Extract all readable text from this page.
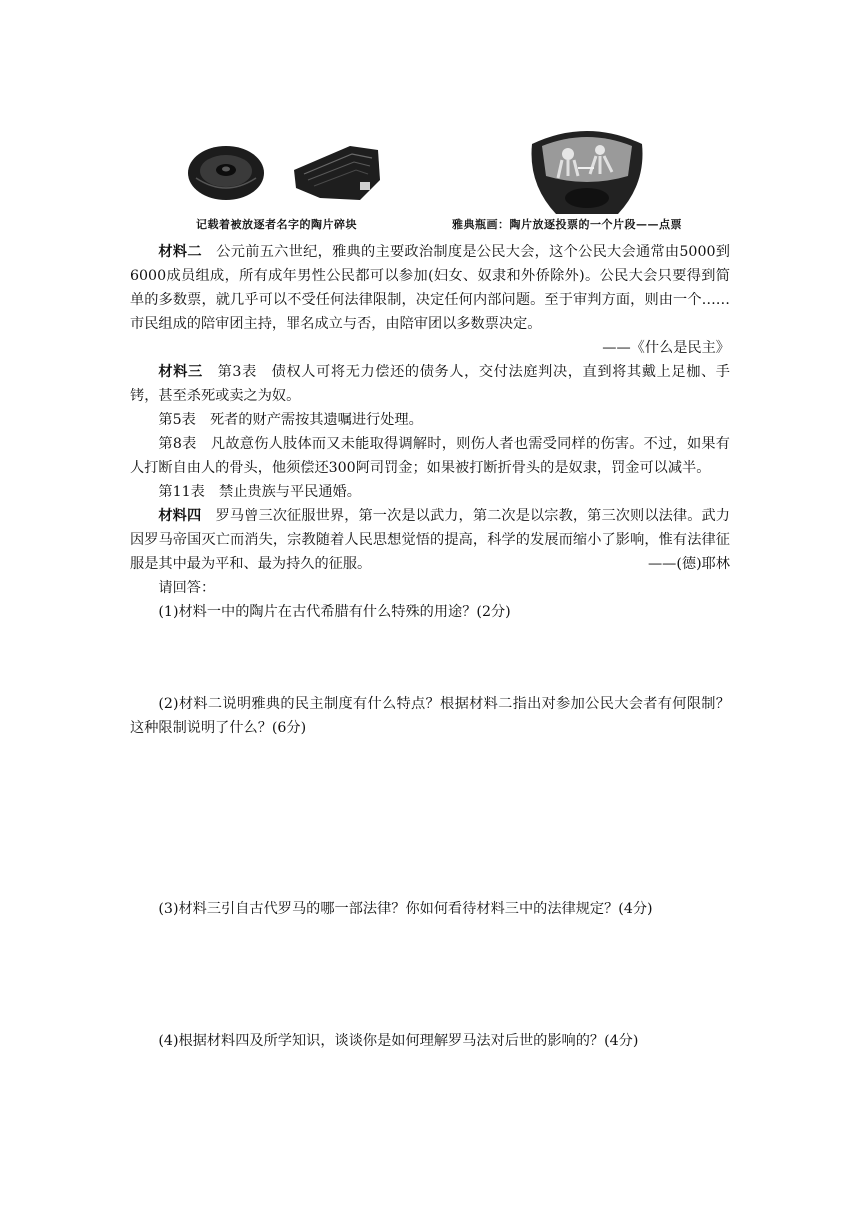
记载着被放逐者名字的陶片碎块	雅典瓶画：陶片放逐投票的一个片段——点票

材料二　 公元前五六世纪，雅典的主要政治制度是公民大会，这个公民大会通常由5000到6000成员组成，所有成年男性公民都可以参加(妇女、奴隶和外侨除外)。公民大会只要得到简单的多数票，就几乎可以不受任何法律限制，决定任何内部问题。至于审判方面，则由一个……市民组成的陪审团主持，罪名成立与否，由陪审团以多数票决定。

——《什么是民主》

材料三　 第3表　债权人可将无力偿还的债务人，交付法庭判决，直到将其戴上足枷、手铐，甚至杀死或卖之为奴。

第5表　死者的财产需按其遗嘱进行处理。

第8表　凡故意伤人肢体而又未能取得调解时，则伤人者也需受同样的伤害。不过，如果有人打断自由人的骨头，他须偿还300阿司罚金；如果被打断折骨头的是奴隶，罚金可以减半。

第11表　禁止贵族与平民通婚。

材料四　 罗马曾三次征服世界，第一次是以武力，第二次是以宗教，第三次则以法律。武力因罗马帝国灭亡而消失，宗教随着人民思想觉悟的提高，科学的发展而缩小了影响，惟有法律征服是其中最为平和、最为持久的征服。	——(德)耶林

请回答：

(1)材料一中的陶片在古代希腊有什么特殊的用途？(2分)

(2)材料二说明雅典的民主制度有什么特点？根据材料二指出对参加公民大会者有何限制？这种限制说明了什么？(6分)

(3)材料三引自古代罗马的哪一部法律？你如何看待材料三中的法律规定？(4分)

(4)根据材料四及所学知识，谈谈你是如何理解罗马法对后世的影响的？(4分)
